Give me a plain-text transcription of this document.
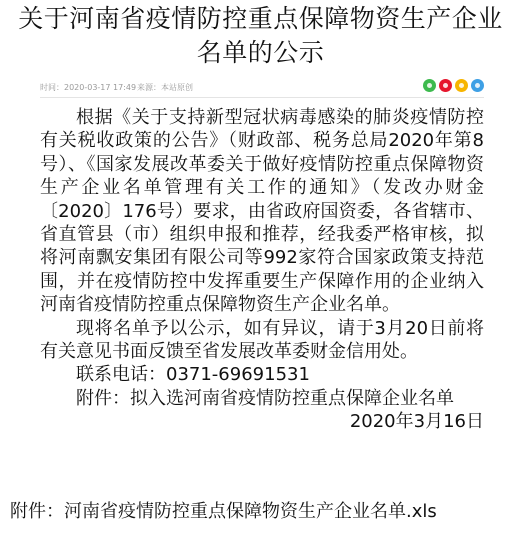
关于河南省疫情防控重点保障物资生产企业名单的公示
时间：2020-03-17 17:49 来源：本站原创

根据《关于支持新型冠状病毒感染的肺炎疫情防控有关税收政策的公告》（财政部、税务总局2020年第8号）、《国家发展改革委关于做好疫情防控重点保障物资生产企业名单管理有关工作的通知》（发改办财金〔2020〕176号）要求，由省政府国资委，各省辖市、省直管县（市）组织申报和推荐，经我委严格审核，拟将河南飘安集团有限公司等992家符合国家政策支持范围，并在疫情防控中发挥重要生产保障作用的企业纳入河南省疫情防控重点保障物资生产企业名单。

现将名单予以公示，如有异议，请于3月20日前将有关意见书面反馈至省发展改革委财金信用处。

联系电话：0371-69691531

附件：拟入选河南省疫情防控重点保障企业名单

2020年3月16日
附件：河南省疫情防控重点保障物资生产企业名单.xls
